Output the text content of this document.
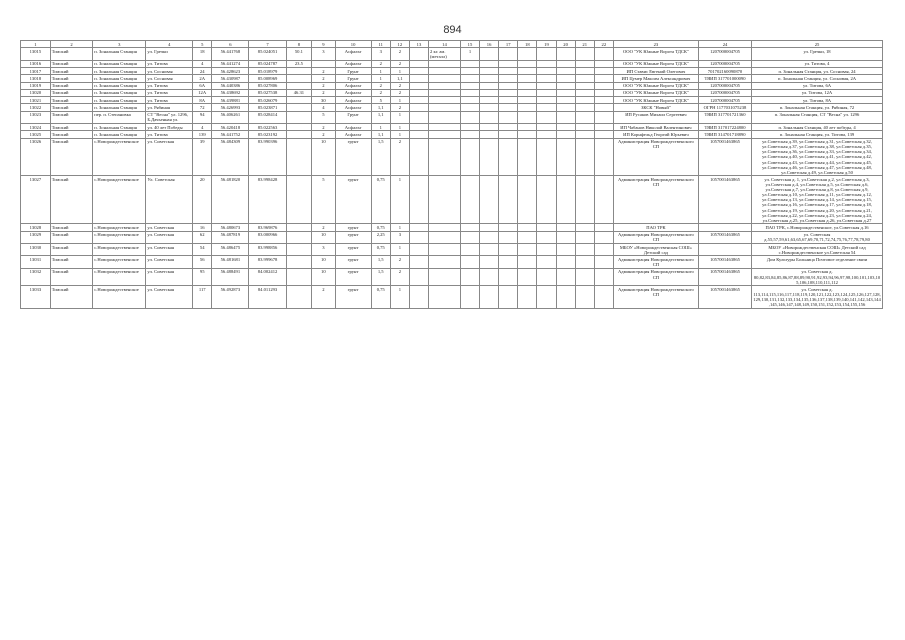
894
1	2	3	4	5	6	7	8	9	10	11	12	13	14	15	16	17	18	19	20	21	22	23	24	25
13015	Томский	п. Зональная Станция	ул. Гречки	18	56.441768	85.024051	50.1	3	Асфальт	3	2		2 кг. ам. (металл)	1								ООО "УК Южные Ворота ТДСК"	1207000004705	ул. Гречки, 18
13016	Томский	п. Зональная Станция	ул. Титова	4	56.441274	85.024787	23.5		Асфальт	2	2											ООО "УК Южные Ворота ТДСК"	1207000004705	ул. Титова, 4
13017	Томский	п. Зональная Станция	ул. Сосновая	24	56.428623	85.018979		2	Грунт	1	1											ИП Ставис Евгений Олегович	701702160090870	п. Зональная Станция, ул. Сосновая, 24
13018	Томский	п. Зональная Станция	ул. Сосновая	2А	56.430987	85.008969		2	Грунт	1	1,1											ИП Цумер Максим Александрович	ТЯИП 317701000090	п. Зональная Станция, ул. Сосновая, 2А
13019	Томский	п. Зональная Станция	ул. Титова	6А	56.440386	85.027806		2	Асфальт	2	2											ООО "УК Южные Ворота ТДСК"	1207000004705	ул. Титова, 6А
13020	Томский	п. Зональная Станция	ул. Титова	12А	56.438692	85.027538	46.31	2	Асфальт	2	2											ООО "УК Южные Ворота ТДСК"	1207000004705	ул. Титова, 12А
13021	Томский	п. Зональная Станция	ул. Титова	8А	56.439881	85.026079		30	Асфальт	5	1											ООО "УК Южные Ворота ТДСК"	1207000004705	ул. Титова, 8А
13022	Томский	п. Зональная Станция	ул. Рябиная	72	56.426993	85.023871		4	Асфальт	1,1	2											ЗКСК "Новый"	ОГРН 1177031075238	п. Зональная Станция, ул. Рябиная, 72
13023	Томский	пер. п. Степановка	СТ "Весна" ул. 1296, Б.Дачьенная ул.	94	56.406261	85.028414		5	Грунт	1,1	1											ИП Русаков Михаил Сергеевич	ТЯИП 317701721360	п. Зональная Станция, СТ "Весна" ул. 1296
13024	Томский	п. Зональная Станция	ул. 40 лет Победы	4	56.420418	85.022563		2	Асфальт	1	1											ИП Чабанов Николай Валентинович	ТЯИП 317017224800	п. Зональная Станция, 40 лет победы, 4
13025	Томский	п. Зональная Станция	ул. Титова	139	56.441752	85.023192		2	Асфальт	1,1	1											ИП Корнфельд Георгий Юрьевич	ТЯИП 314701718890	п. Зональная Станция, ул. Титова, 139
13026	Томский	с.Новорождественское	ул. Советская	39	56.484309	83.990396		10	грунт	1,5	2											Администрация Новорождественского СП	1057001463865	ул.Советская д.39, ул.Советская д.31, ул.Советская д.32, ул.Советская д.37, ул.Советская д.38, ул.Советская д.35, ул.Советская д.36, ул.Советская д.33, ул.Советская д.34, ул.Советская д.40, ул.Советская д.41, ул.Советская д.42, ул.Советская д.43, ул.Советская д.44, ул.Советская д.45, ул.Советская д.46, ул.Советская д.47, ул.Советская д.48, ул.Советская д.49, ул.Советская д.50
13027	Томский	с.Новорождественское	Ул. Советская	20	56.481820	83.998428		5	грунт	0,75	1											Администрация Новорождественского СП	1057001463865	ул. Советская д. 1, ул.Советская д.2, ул.Советская д.3, ул.Советская д.4, ул.Советская д.5, ул.Советская д.6, ул.Советская д.7, ул.Советская д.8, ул.Советская д.9, ул.Советская д.10, ул.Советская д.11, ул.Советская д.12, ул.Советская д.13, ул.Советская д.14, ул.Советская д.15, ул.Советская д.16, ул.Советская д.17, ул.Советская д.18, ул.Советская д.19, ул.Советская д.20, ул.Советская д.21, ул.Советская д.22, ул.Советская д.23, ул.Советская д.24, ул.Советская д.25, ул.Советская д.26, ул.Советская д.27
13028	Томский	с.Новорождественское	ул. Советская	16	56.480673	83.969876		2	грунт	0,75	1											ПАО ТРК		ПАО ТРК, с.Новорождественское, ул.Советская д.16
13029	Томский	с.Новорождественское	ул. Советская	62	56.487819	83.000966		10	грунт	2,25	3											Администрация Новорождественского СП	1057001463865	ул. Советская д.55,57,59,61,63,65,67,69,70,71,72,74,75,76,77,78,79,80
13030	Томский	с.Новорождественское	ул. Советская	54	56.486475	83.998856		3	грунт	0,75	1											МБОУ «Новорождественская СОШ» Детский сад		МБОУ «Новорождественская СОШ» Детский сад с.Новорождественское ул.Советская 54
13031	Томский	с.Новорождественское	ул. Советская	56	56.481681	83.999678		10	грунт	1,5	2											Администрация Новорождественского СП	1057001463865	Дом Культуры Больница Почтовое отделение связи
13032	Томский	с.Новорождественское	ул. Советская	95	56.488491	84.002412		10	грунт	1,5	2											Администрация Новорождественского СП	1057001463865	ул. Советская д. 80,82,83,84,85,86,87,88,89,90,91,92,93,94,96,97,98,100,101,103,105,106,108,110,111,112
13033	Томский	с.Новорождественское	ул. Советская	117	56.492873	84.011293		2	грунт	0,75	1											Администрация Новорождественского СП	1057001463865	ул. Советская д. 113,114,115,116,117,118,119,120,121,122,123,124,125,126,127,128,129,130,131,132,133,134,135,136,137,138,139,140,141,142,143,144,145,146,147,148,149,150,151,152,153,154,155,156
